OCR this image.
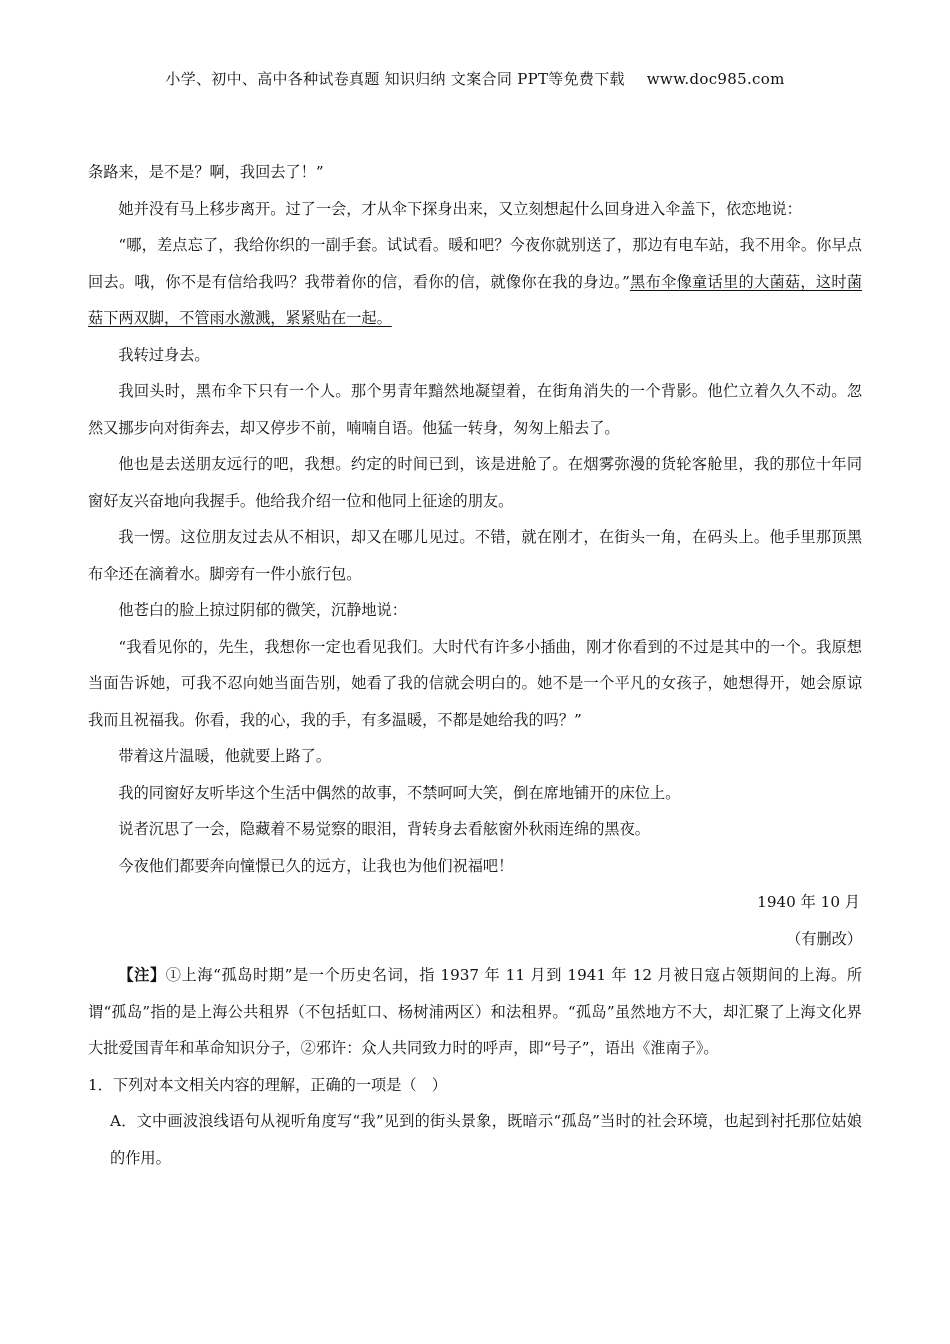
小学、初中、高中各种试卷真题 知识归纳 文案合同 PPT等免费下载 www.doc985.com

条路来，是不是？啊，我回去了！”

她并没有马上移步离开。过了一会，才从伞下探身出来，又立刻想起什么回身进入伞盖下，依恋地说：

“哪，差点忘了，我给你织的一副手套。试试看。暖和吧？今夜你就别送了，那边有电车站，我不用伞。你早点回去。哦，你不是有信给我吗？我带着你的信，看你的信，就像你在我的身边。”黑布伞像童话里的大菌菇，这时菌菇下两双脚，不管雨水激溅，紧紧贴在一起。

我转过身去。

我回头时，黑布伞下只有一个人。那个男青年黯然地凝望着，在街角消失的一个背影。他伫立着久久不动。忽然又挪步向对街奔去，却又停步不前，喃喃自语。他猛一转身，匆匆上船去了。

他也是去送朋友远行的吧，我想。约定的时间已到，该是进舱了。在烟雾弥漫的货轮客舱里，我的那位十年同窗好友兴奋地向我握手。他给我介绍一位和他同上征途的朋友。

我一愣。这位朋友过去从不相识，却又在哪儿见过。不错，就在刚才，在街头一角，在码头上。他手里那顶黑布伞还在滴着水。脚旁有一件小旅行包。

他苍白的脸上掠过阴郁的微笑，沉静地说：

“我看见你的，先生，我想你一定也看见我们。大时代有许多小插曲，刚才你看到的不过是其中的一个。我原想当面告诉她，可我不忍向她当面告别，她看了我的信就会明白的。她不是一个平凡的女孩子，她想得开，她会原谅我而且祝福我。你看，我的心，我的手，有多温暖，不都是她给我的吗？”

带着这片温暖，他就要上路了。

我的同窗好友听毕这个生活中偶然的故事，不禁呵呵大笑，倒在席地铺开的床位上。

说者沉思了一会，隐藏着不易觉察的眼泪，背转身去看舷窗外秋雨连绵的黑夜。

今夜他们都要奔向憧憬已久的远方，让我也为他们祝福吧！

1940 年 10 月

（有删改）

【注】①上海“孤岛时期”是一个历史名词，指 1937 年 11 月到 1941 年 12 月被日寇占领期间的上海。所谓“孤岛”指的是上海公共租界（不包括虹口、杨树浦两区）和法租界。“孤岛”虽然地方不大，却汇聚了上海文化界大批爱国青年和革命知识分子，②邪许：众人共同致力时的呼声，即“号子”，语出《淮南子》。

1．下列对本文相关内容的理解，正确的一项是（　）

A．文中画波浪线语句从视听角度写“我”见到的街头景象，既暗示“孤岛”当时的社会环境，也起到衬托那位姑娘的作用。
